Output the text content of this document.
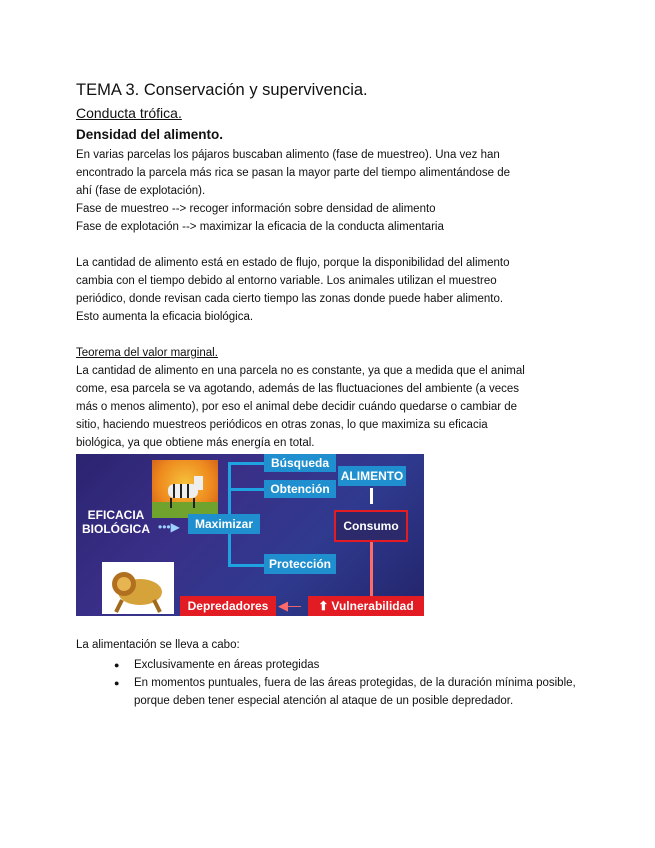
TEMA 3. Conservación y supervivencia.
Conducta trófica.
Densidad del alimento.

En varias parcelas los pájaros buscaban alimento (fase de muestreo). Una vez han

encontrado la parcela más rica se pasan la mayor parte del tiempo alimentándose de

ahí (fase de explotación).

Fase de muestreo --> recoger información sobre densidad de alimento

Fase de explotación --> maximizar la eficacia de la conducta alimentaria

La cantidad de alimento está en estado de flujo, porque la disponibilidad del alimento

cambia con el tiempo debido al entorno variable. Los animales utilizan el muestreo

periódico, donde revisan cada cierto tiempo las zonas donde puede haber alimento.

Esto aumenta la eficacia biológica.

Teorema del valor marginal.

La cantidad de alimento en una parcela no es constante, ya que a medida que el animal

come, esa parcela se va agotando, además de las fluctuaciones del ambiente (a veces

más o menos alimento), por eso el animal debe decidir cuándo quedarse o cambiar de

sitio, haciendo muestreos periódicos en otras zonas, lo que maximiza su eficacia

biológica, ya que obtiene más energía en total.

EFICACIA BIOLÓGICA •••▶	Maximizar
Búsqueda
Obtención
ALIMENTO
Consumo
Protección
Depredadores ◀— ⬆ Vulnerabilidad

La alimentación se lleva a cabo:

● Exclusivamente en áreas protegidas
● En momentos puntuales, fuera de las áreas protegidas, de la duración mínima posible, porque deben tener especial atención al ataque de un posible depredador.
